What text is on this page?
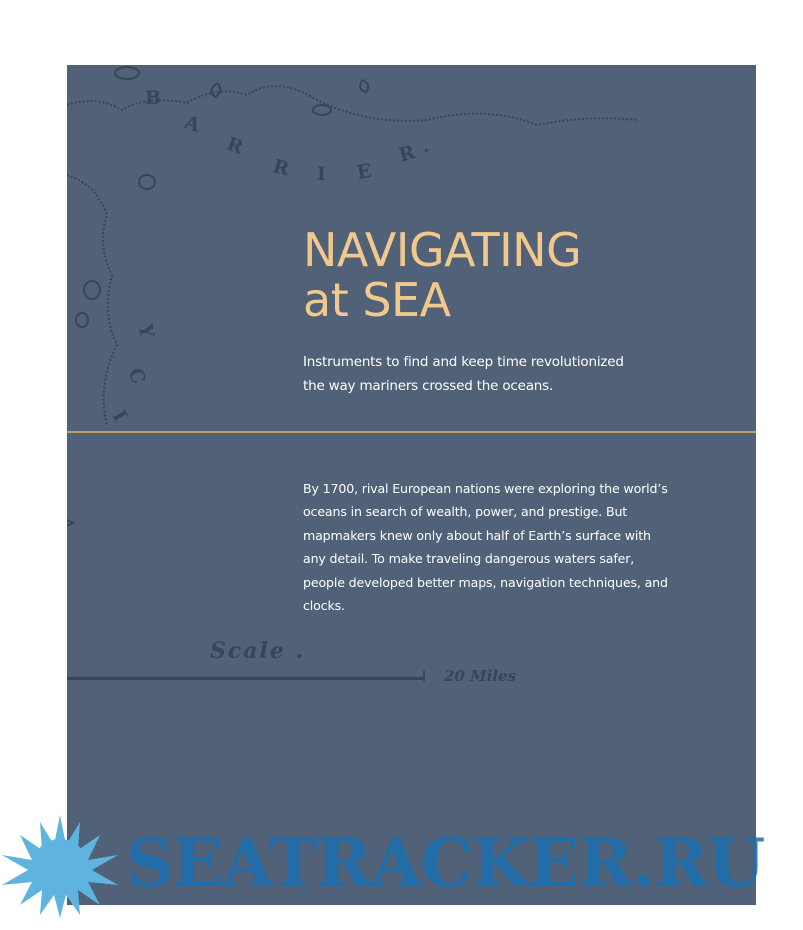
B
A
R
R I E
R .
I
C
Y
NAVIGATING
at SEA

Instruments to find and keep time revolutionized the way mariners crossed the oceans.

By 1700, rival European nations were exploring the world’s oceans in search of wealth, power, and prestige. But mapmakers knew only about half of Earth’s surface with any detail. To make traveling dangerous waters safer, people developed better maps, navigation techniques, and clocks.

Scale .
20 Miles

SEATRACKER.RU
